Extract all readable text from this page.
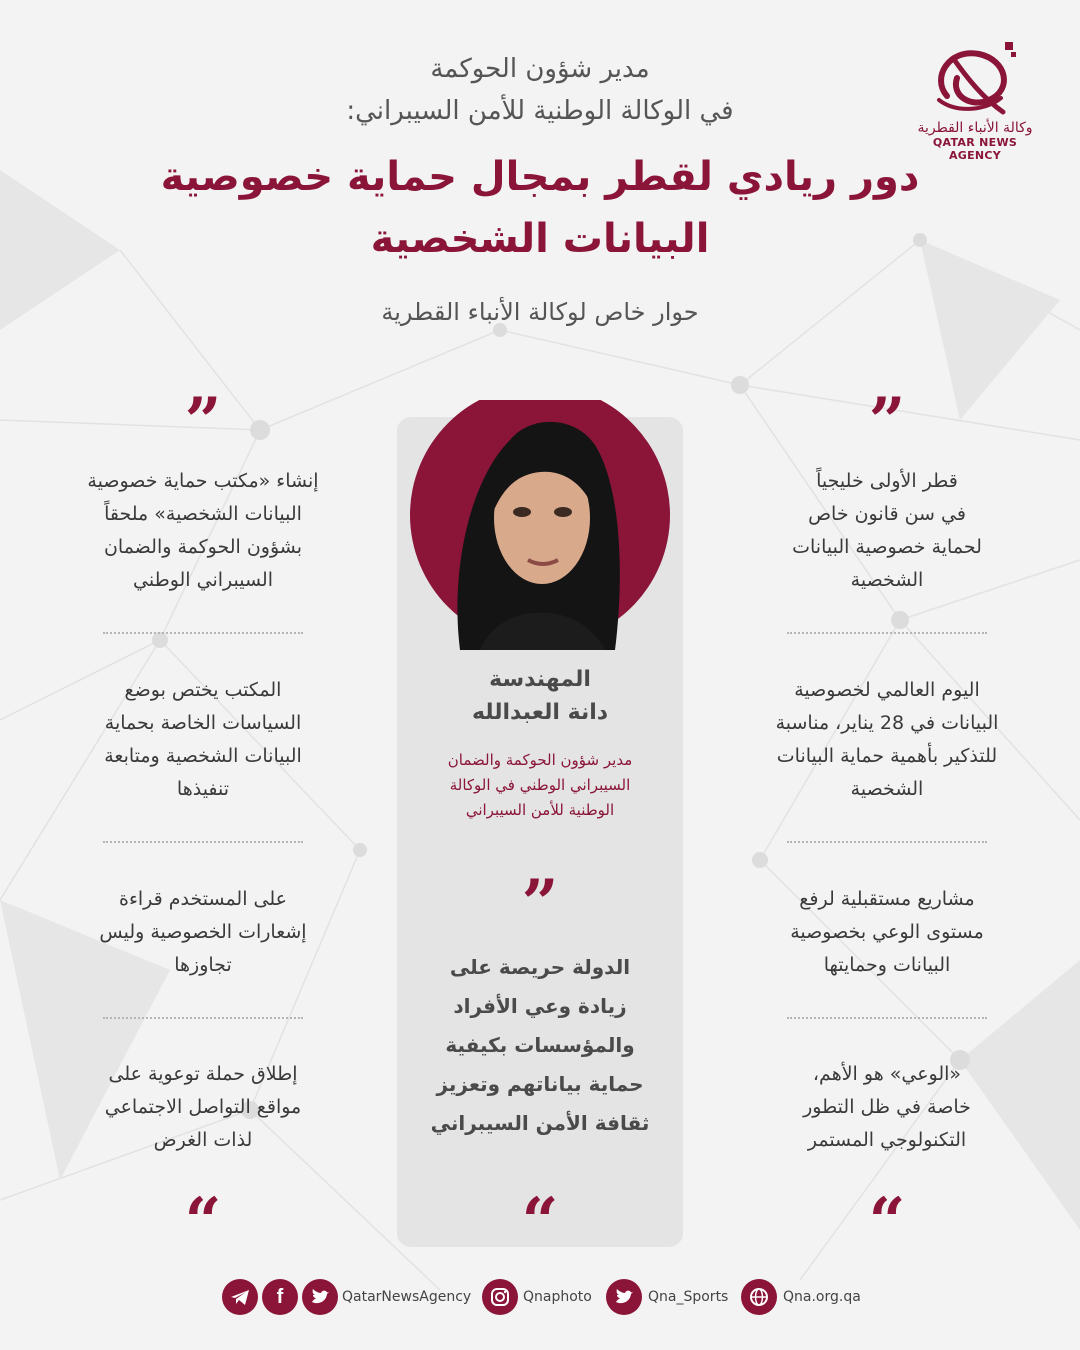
وكالة الأنباء القطرية
QATAR NEWS AGENCY
مدير شؤون الحوكمة
في الوكالة الوطنية للأمن السيبراني:
دور ريادي لقطر بمجال حماية خصوصية
البيانات الشخصية
حوار خاص لوكالة الأنباء القطرية
المهندسة
دانة العبدالله
مدير شؤون الحوكمة والضمان
السيبراني الوطني في الوكالة
الوطنية للأمن السيبراني
”
الدولة حريصة على
زيادة وعي الأفراد
والمؤسسات بكيفية
حماية بياناتهم وتعزيز
ثقافة الأمن السيبراني
“
”
قطر الأولى خليجياً
في سن قانون خاص
لحماية خصوصية البيانات
الشخصية
اليوم العالمي لخصوصية
البيانات في 28 يناير، مناسبة
للتذكير بأهمية حماية البيانات
الشخصية
مشاريع مستقبلية لرفع
مستوى الوعي بخصوصية
البيانات وحمايتها
«الوعي» هو الأهم،
خاصة في ظل التطور
التكنولوجي المستمر
“
”
إنشاء «مكتب حماية خصوصية
البيانات الشخصية» ملحقاً
بشؤون الحوكمة والضمان
السيبراني الوطني
المكتب يختص بوضع
السياسات الخاصة بحماية
البيانات الشخصية ومتابعة
تنفيذها
على المستخدم قراءة
إشعارات الخصوصية وليس
تجاوزها
إطلاق حملة توعوية على
مواقع التواصل الاجتماعي
لذات الغرض
“
f	QatarNewsAgency	Qnaphoto	Qna_Sports	Qna.org.qa
